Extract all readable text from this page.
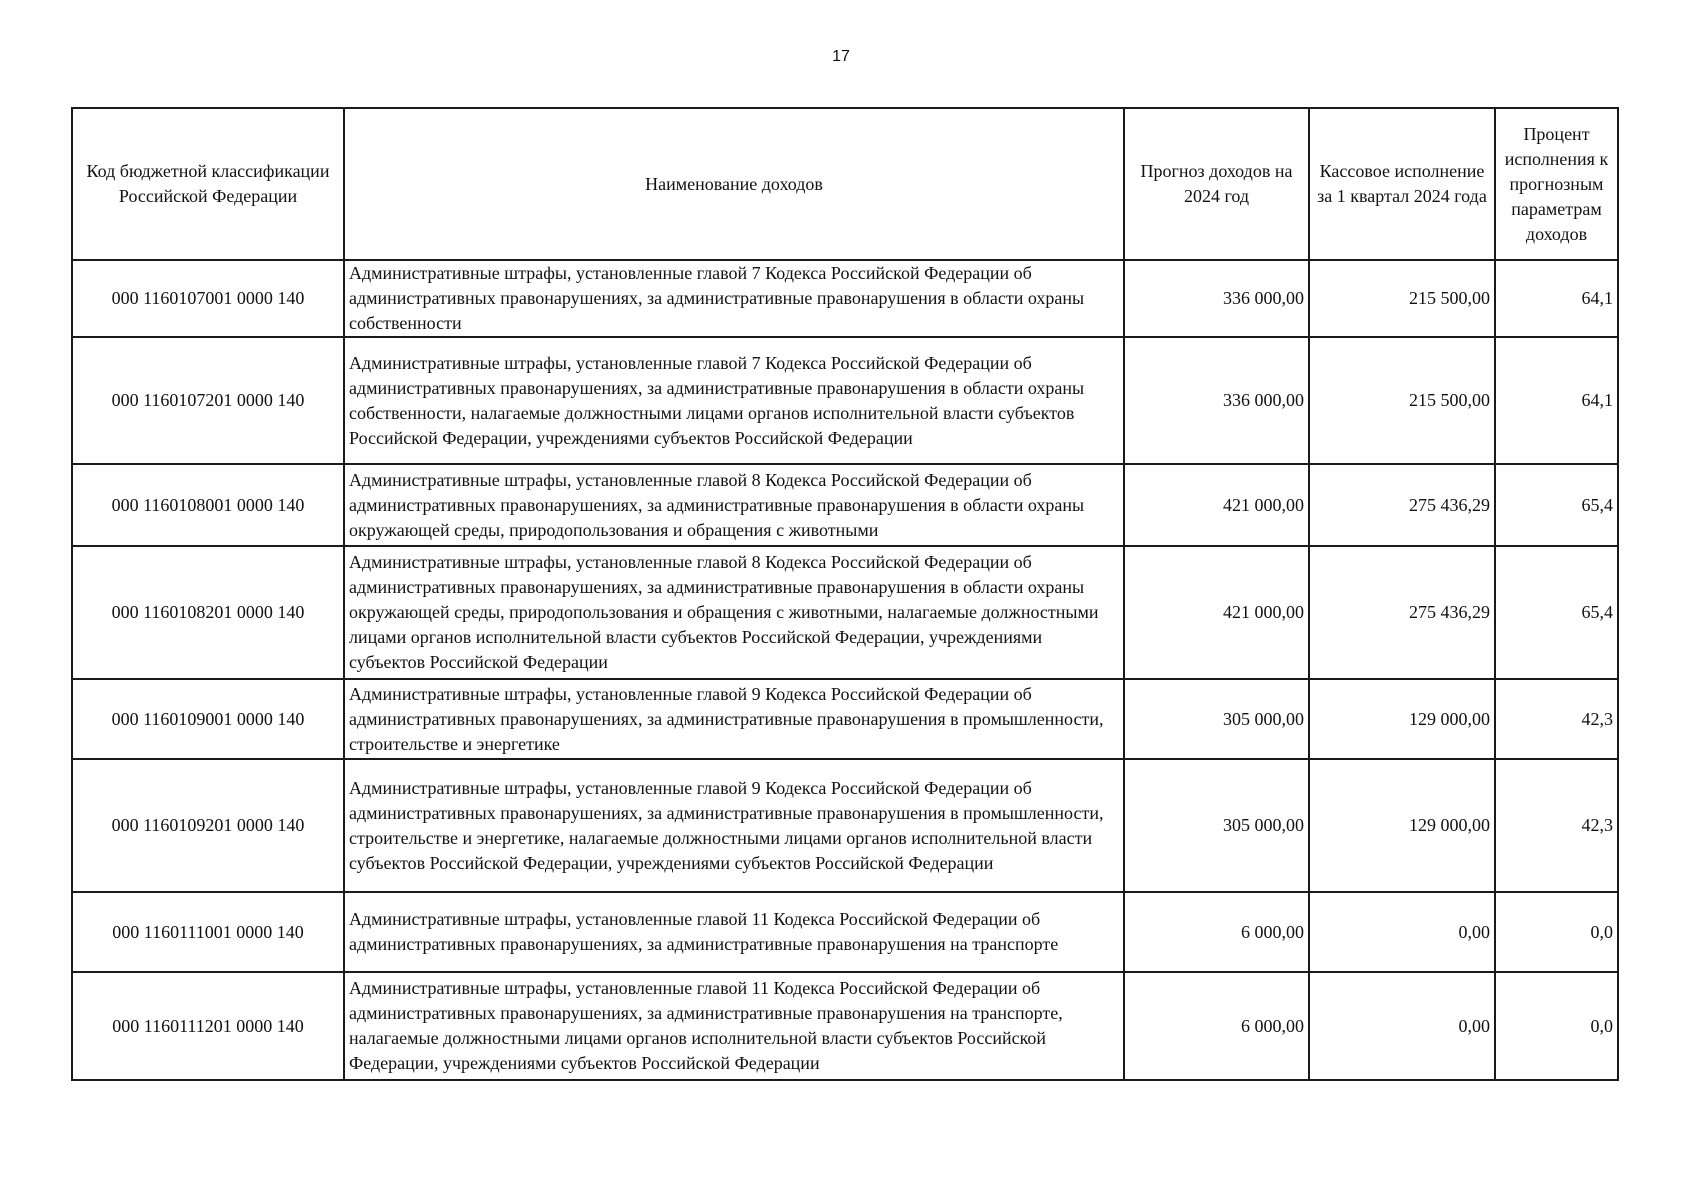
17
Код бюджетной классификации Российской Федерации	Наименование доходов	Прогноз доходов на 2024 год	Кассовое исполнение за 1 квартал 2024 года	Процент исполнения к прогнозным параметрам доходов
000 1160107001 0000 140	Административные штрафы, установленные главой 7 Кодекса Российской Федерации об административных правонарушениях, за административные правонарушения в области охраны собственности	336 000,00	215 500,00	64,1
000 1160107201 0000 140	Административные штрафы, установленные главой 7 Кодекса Российской Федерации об административных правонарушениях, за административные правонарушения в области охраны собственности, налагаемые должностными лицами органов исполнительной власти субъектов Российской Федерации, учреждениями субъектов Российской Федерации	336 000,00	215 500,00	64,1
000 1160108001 0000 140	Административные штрафы, установленные главой 8 Кодекса Российской Федерации об административных правонарушениях, за административные правонарушения в области охраны окружающей среды, природопользования и обращения с животными	421 000,00	275 436,29	65,4
000 1160108201 0000 140	Административные штрафы, установленные главой 8 Кодекса Российской Федерации об административных правонарушениях, за административные правонарушения в области охраны окружающей среды, природопользования и обращения с животными, налагаемые должностными лицами органов исполнительной власти субъектов Российской Федерации, учреждениями субъектов Российской Федерации	421 000,00	275 436,29	65,4
000 1160109001 0000 140	Административные штрафы, установленные главой 9 Кодекса Российской Федерации об административных правонарушениях, за административные правонарушения в промышленности, строительстве и энергетике	305 000,00	129 000,00	42,3
000 1160109201 0000 140	Административные штрафы, установленные главой 9 Кодекса Российской Федерации об административных правонарушениях, за административные правонарушения в промышленности, строительстве и энергетике, налагаемые должностными лицами органов исполнительной власти субъектов Российской Федерации, учреждениями субъектов Российской Федерации	305 000,00	129 000,00	42,3
000 1160111001 0000 140	Административные штрафы, установленные главой 11 Кодекса Российской Федерации об административных правонарушениях, за административные правонарушения на транспорте	6 000,00	0,00	0,0
000 1160111201 0000 140	Административные штрафы, установленные главой 11 Кодекса Российской Федерации об административных правонарушениях, за административные правонарушения на транспорте, налагаемые должностными лицами органов исполнительной власти субъектов Российской Федерации, учреждениями субъектов Российской Федерации	6 000,00	0,00	0,0
